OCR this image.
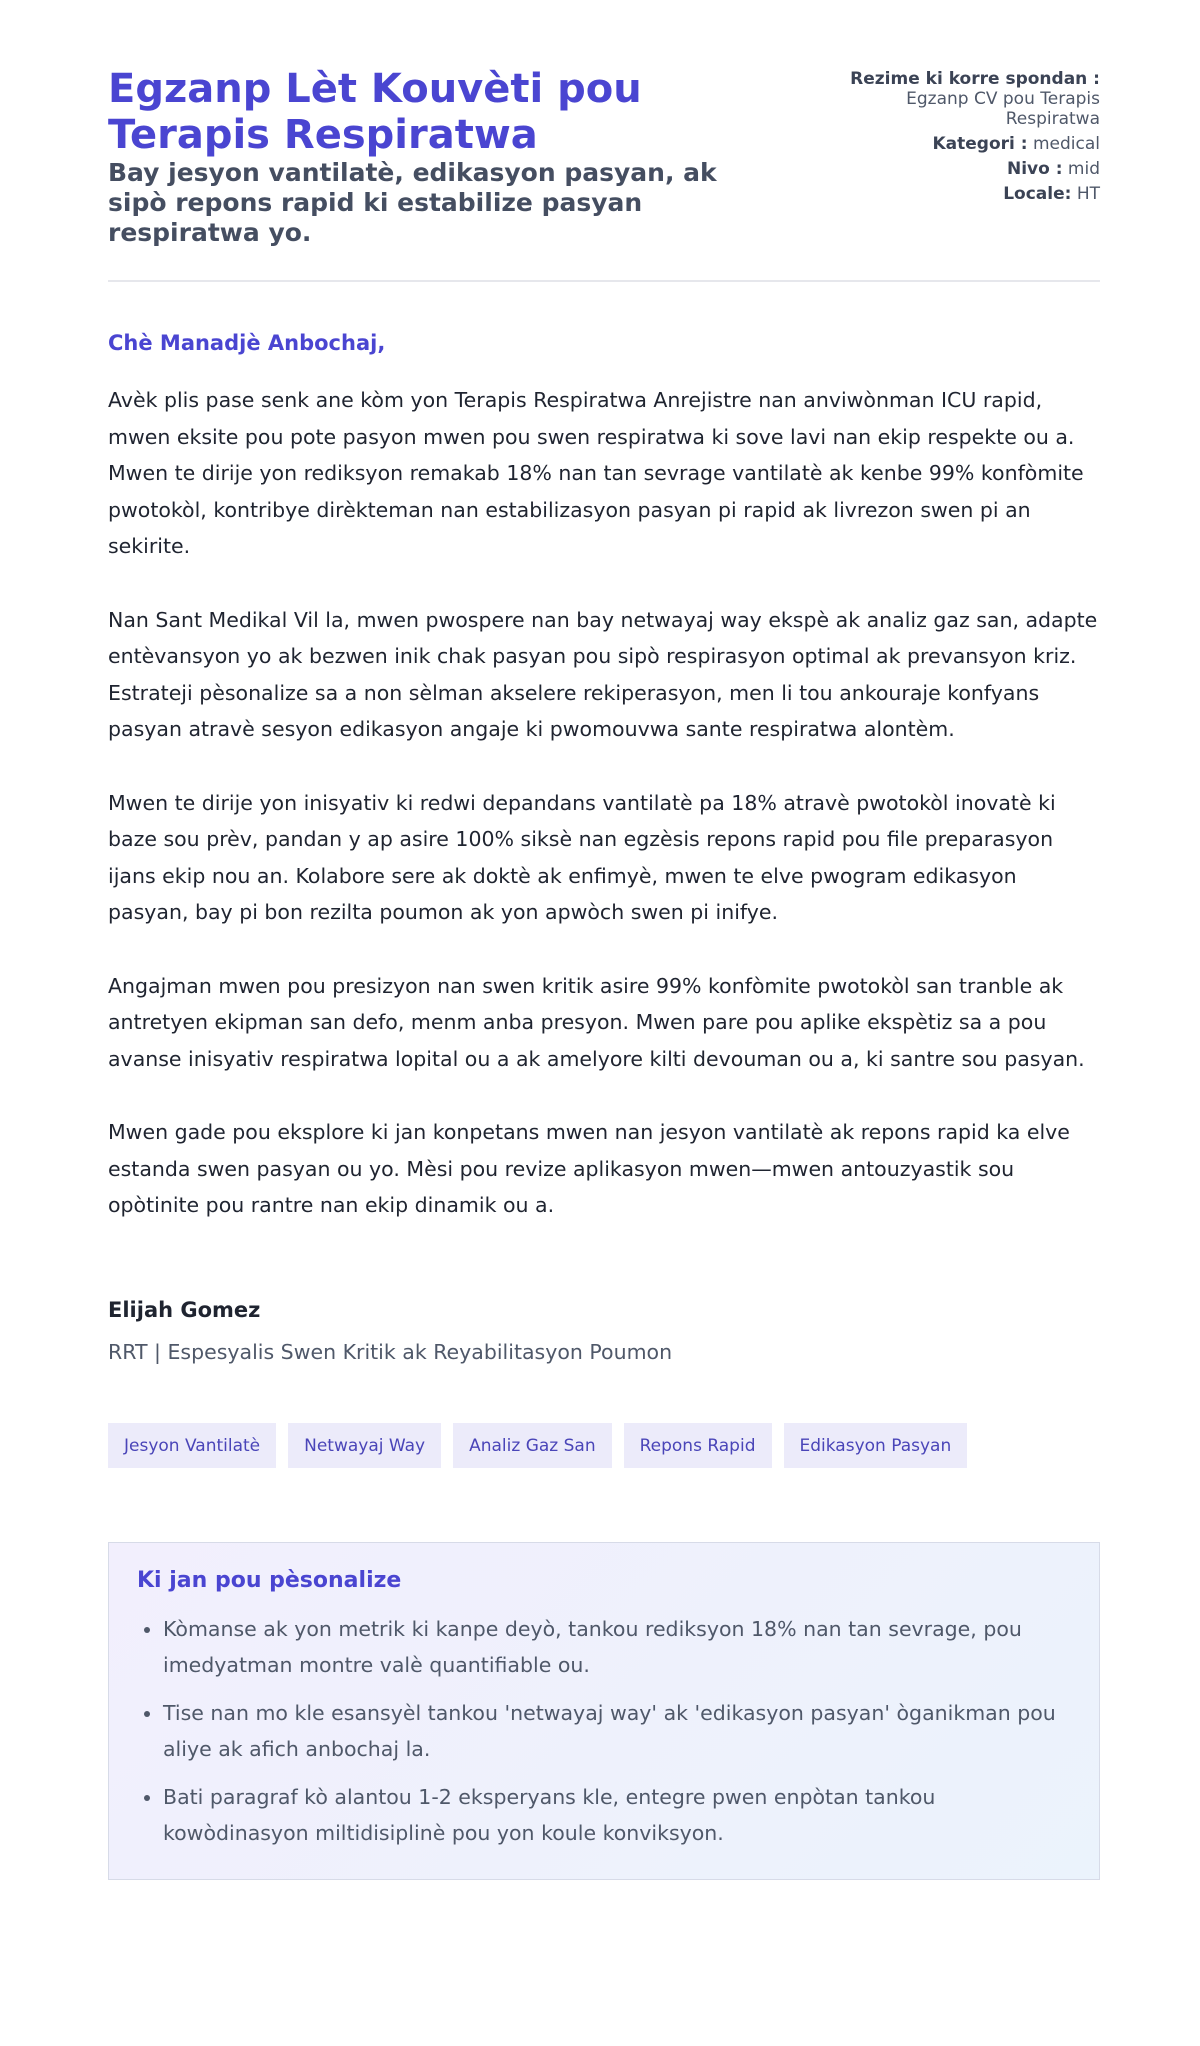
Egzanp Lèt Kouvèti pou Terapis Respiratwa

Bay jesyon vantilatè, edikasyon pasyan, ak sipò repons rapid ki estabilize pasyan respiratwa yo.

Rezime ki korre spondan :
Egzanp CV pou Terapis Respiratwa
Kategori : medical
Nivo : mid
Locale: HT

Chè Manadjè Anbochaj,

Avèk plis pase senk ane kòm yon Terapis Respiratwa Anrejistre nan anviwònman ICU rapid, mwen eksite pou pote pasyon mwen pou swen respiratwa ki sove lavi nan ekip respekte ou a. Mwen te dirije yon rediksyon remakab 18% nan tan sevrage vantilatè ak kenbe 99% konfòmite pwotokòl, kontribye dirèkteman nan estabilizasyon pasyan pi rapid ak livrezon swen pi an sekirite.

Nan Sant Medikal Vil la, mwen pwospere nan bay netwayaj way ekspè ak analiz gaz san, adapte entèvansyon yo ak bezwen inik chak pasyan pou sipò respirasyon optimal ak prevansyon kriz. Estrateji pèsonalize sa a non sèlman akselere rekiperasyon, men li tou ankouraje konfyans pasyan atravè sesyon edikasyon angaje ki pwomouvwa sante respiratwa alontèm.

Mwen te dirije yon inisyativ ki redwi depandans vantilatè pa 18% atravè pwotokòl inovatè ki baze sou prèv, pandan y ap asire 100% siksè nan egzèsis repons rapid pou file preparasyon ijans ekip nou an. Kolabore sere ak doktè ak enfimyè, mwen te elve pwogram edikasyon pasyan, bay pi bon rezilta poumon ak yon apwòch swen pi inifye.

Angajman mwen pou presizyon nan swen kritik asire 99% konfòmite pwotokòl san tranble ak antretyen ekipman san defo, menm anba presyon. Mwen pare pou aplike ekspètiz sa a pou avanse inisyativ respiratwa lopital ou a ak amelyore kilti devouman ou a, ki santre sou pasyan.

Mwen gade pou eksplore ki jan konpetans mwen nan jesyon vantilatè ak repons rapid ka elve estanda swen pasyan ou yo. Mèsi pou revize aplikasyon mwen—mwen antouzyastik sou opòtinite pou rantre nan ekip dinamik ou a.

Elijah Gomez
RRT | Espesyalis Swen Kritik ak Reyabilitasyon Poumon
Jesyon Vantilatè	Netwayaj Way	Analiz Gaz San	Repons Rapid	Edikasyon Pasyan
Ki jan pou pèsonalize
• Kòmanse ak yon metrik ki kanpe deyò, tankou rediksyon 18% nan tan sevrage, pou imedyatman montre valè quantifiable ou.
• Tise nan mo kle esansyèl tankou 'netwayaj way' ak 'edikasyon pasyan' òganikman pou aliye ak afich anbochaj la.
• Bati paragraf kò alantou 1-2 eksperyans kle, entegre pwen enpòtan tankou kowòdinasyon miltidisiplinè pou yon koule konviksyon.
